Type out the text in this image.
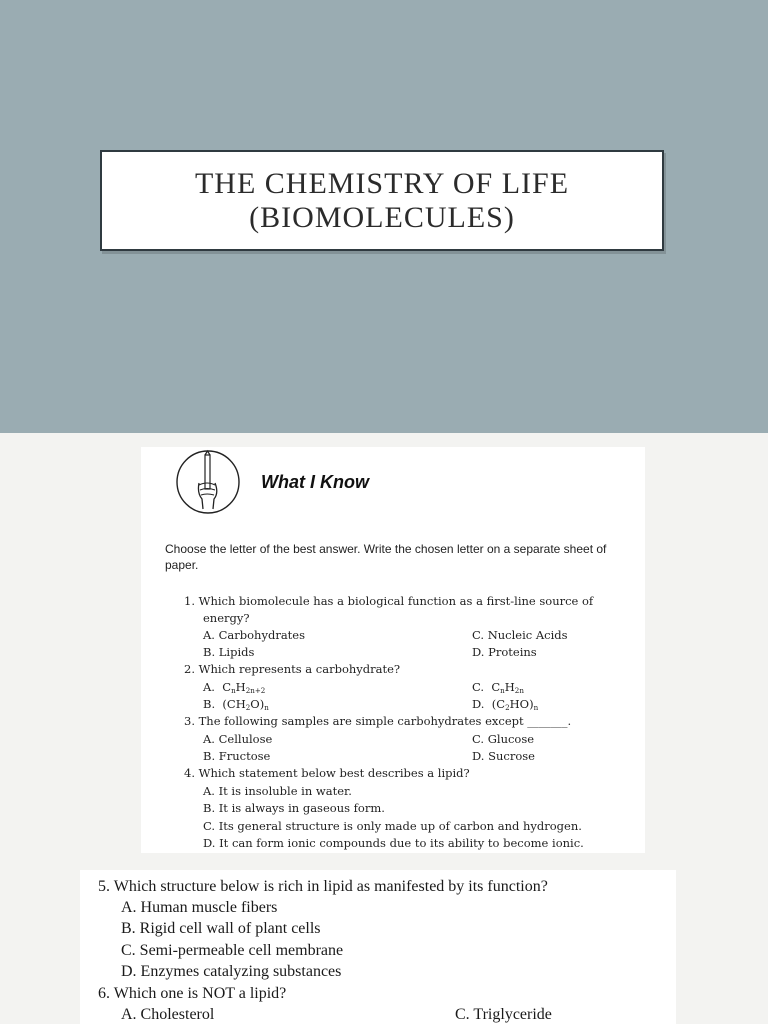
THE CHEMISTRY OF LIFE
(BIOMOLECULES)
What I Know
Choose the letter of the best answer. Write the chosen letter on a separate sheet of
paper.
1. Which biomolecule has a biological function as a first-line source of
energy?
A. Carbohydrates	C. Nucleic Acids
B. Lipids	D. Proteins
2. Which represents a carbohydrate?
A.  $C_nH_{2n+2}$	C.  $C_nH_{2n}$
B.  $(CH_2O)_n$	D.  $(C_2HO)_n$
3. The following samples are simple carbohydrates except _______.
A. Cellulose	C. Glucose
B. Fructose	D. Sucrose
4. Which statement below best describes a lipid?
A. It is insoluble in water.
B. It is always in gaseous form.
C. Its general structure is only made up of carbon and hydrogen.
D. It can form ionic compounds due to its ability to become ionic.
5. Which structure below is rich in lipid as manifested by its function?
A. Human muscle fibers
B. Rigid cell wall of plant cells
C. Semi-permeable cell membrane
D. Enzymes catalyzing substances
6. Which one is NOT a lipid?
A. Cholesterol	C. Triglyceride
